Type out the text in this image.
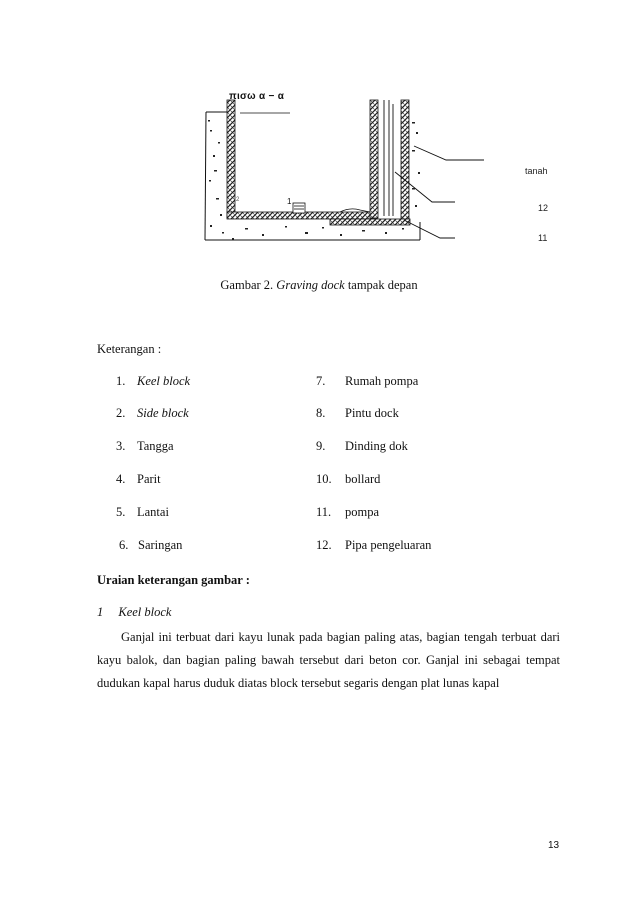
πισω α − α
tanah
12
11
1
2
Gambar 2. Graving dock tampak depan
Keterangan :
1. Keel block
2. Side block
3. Tangga
4. Parit
5. Lantai
6. Saringan
7. Rumah pompa
8. Pintu dock
9. Dinding dok
10. bollard
11. pompa
12. Pipa pengeluaran
Uraian keterangan gambar :
1 Keel block
Ganjal ini terbuat dari kayu lunak pada bagian paling atas, bagian tengah terbuat dari kayu balok, dan bagian paling bawah tersebut dari beton cor. Ganjal ini sebagai tempat dudukan kapal harus duduk diatas block tersebut segaris dengan plat lunas kapal
13
